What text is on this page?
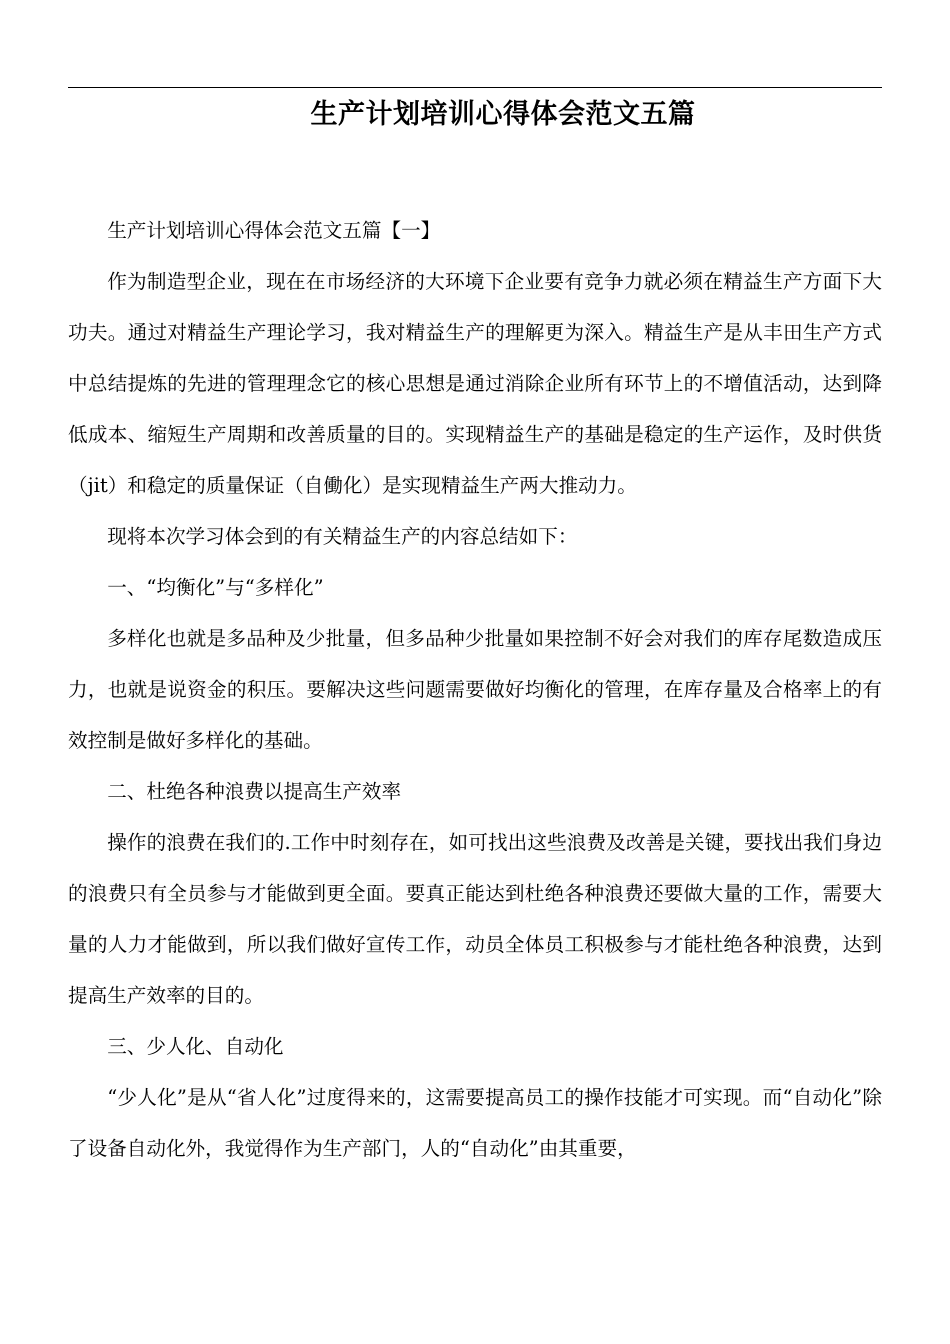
生产计划培训心得体会范文五篇

生产计划培训心得体会范文五篇【一】

作为制造型企业，现在在市场经济的大环境下企业要有竞争力就必须在精益生产方面下大功夫。通过对精益生产理论学习，我对精益生产的理解更为深入。精益生产是从丰田生产方式中总结提炼的先进的管理理念它的核心思想是通过消除企业所有环节上的不增值活动，达到降低成本、缩短生产周期和改善质量的目的。实现精益生产的基础是稳定的生产运作，及时供货（jit）和稳定的质量保证（自働化）是实现精益生产两大推动力。

现将本次学习体会到的有关精益生产的内容总结如下：

一、“均衡化”与“多样化”

多样化也就是多品种及少批量，但多品种少批量如果控制不好会对我们的库存尾数造成压力，也就是说资金的积压。要解决这些问题需要做好均衡化的管理，在库存量及合格率上的有效控制是做好多样化的基础。

二、杜绝各种浪费以提高生产效率

操作的浪费在我们的.工作中时刻存在，如可找出这些浪费及改善是关键，要找出我们身边的浪费只有全员参与才能做到更全面。要真正能达到杜绝各种浪费还要做大量的工作，需要大量的人力才能做到，所以我们做好宣传工作，动员全体员工积极参与才能杜绝各种浪费，达到提高生产效率的目的。

三、少人化、自动化

“少人化”是从“省人化”过度得来的，这需要提高员工的操作技能才可实现。而“自动化”除了设备自动化外，我觉得作为生产部门，人的“自动化”由其重要，
